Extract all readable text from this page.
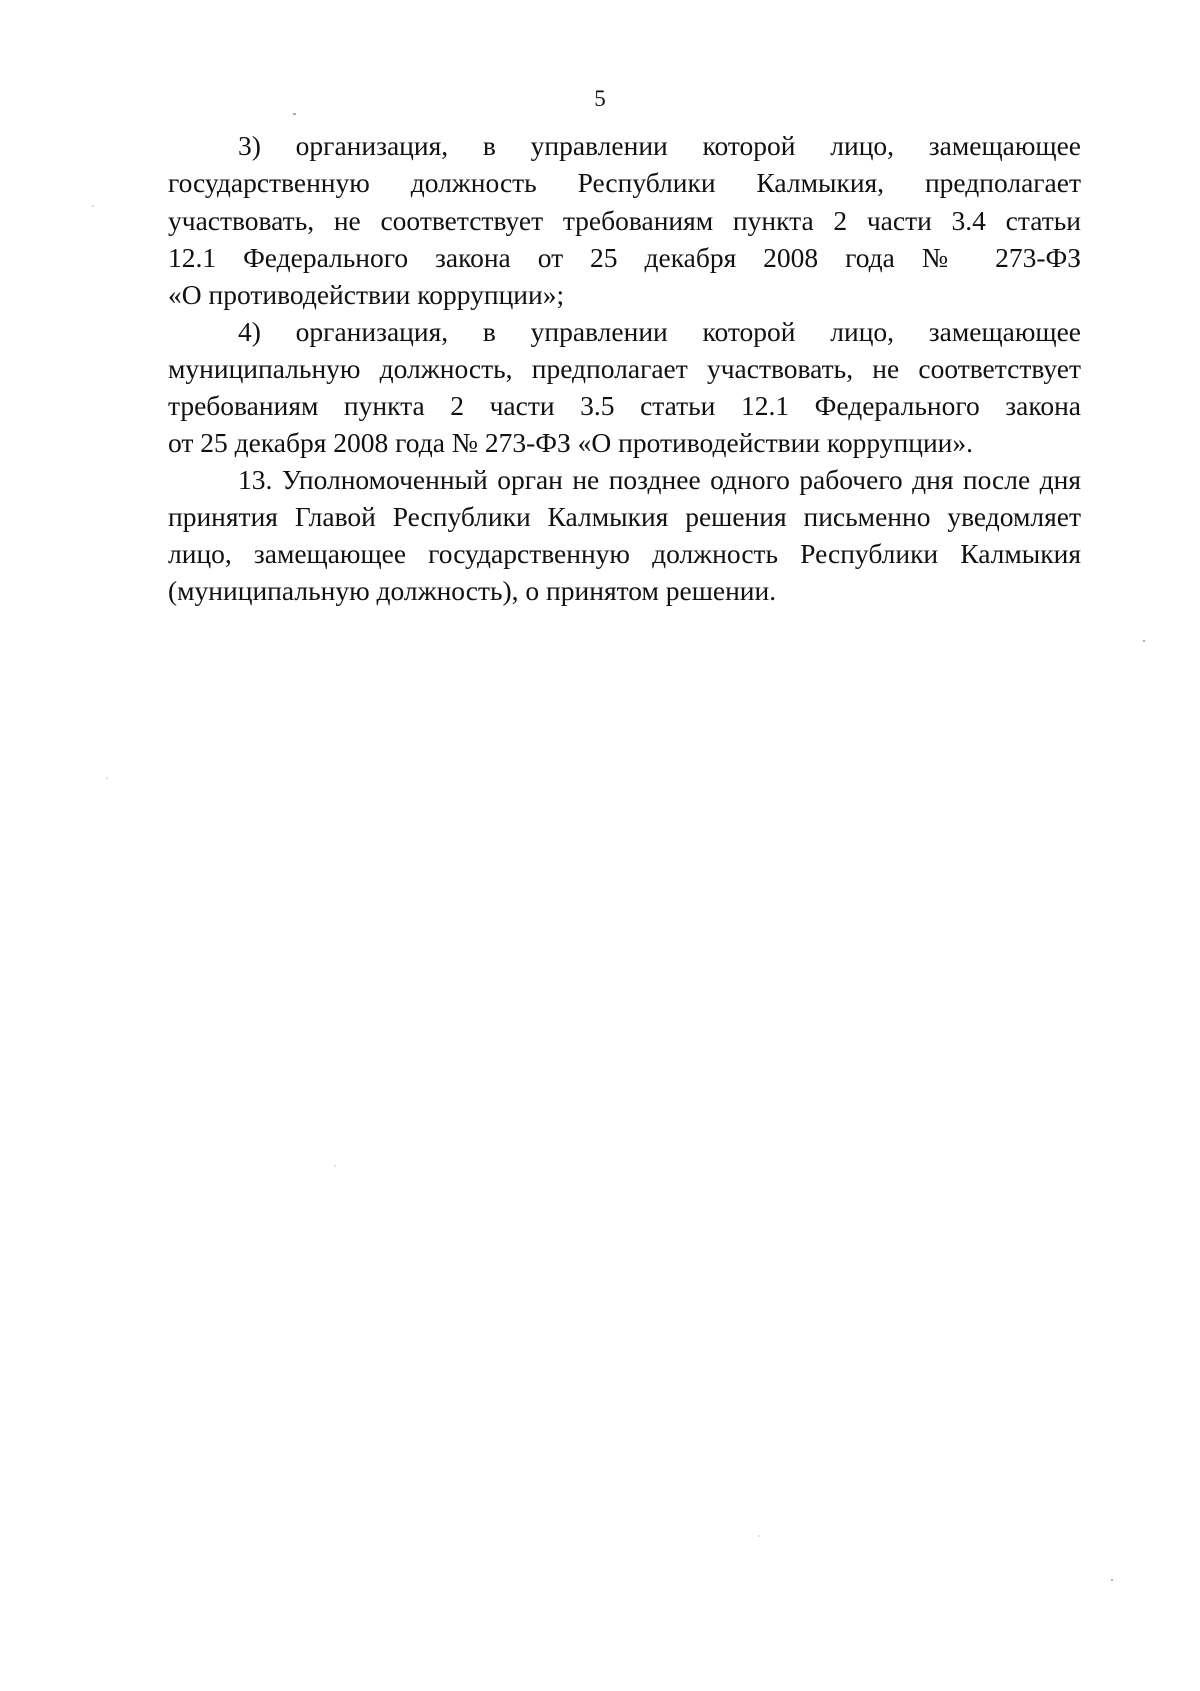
5
3) организация, в управлении которой лицо, замещающее
государственную должность Республики Калмыкия, предполагает
участвовать, не соответствует требованиям пункта 2 части 3.4 статьи
12.1 Федерального закона от 25 декабря 2008 года № 273-ФЗ
«О противодействии коррупции»;
4) организация, в управлении которой лицо, замещающее
муниципальную должность, предполагает участвовать, не соответствует
требованиям пункта 2 части 3.5 статьи 12.1 Федерального закона
от 25 декабря 2008 года № 273-ФЗ «О противодействии коррупции».
13. Уполномоченный орган не позднее одного рабочего дня после дня
принятия Главой Республики Калмыкия решения письменно уведомляет
лицо, замещающее государственную должность Республики Калмыкия
(муниципальную должность), о принятом решении.
